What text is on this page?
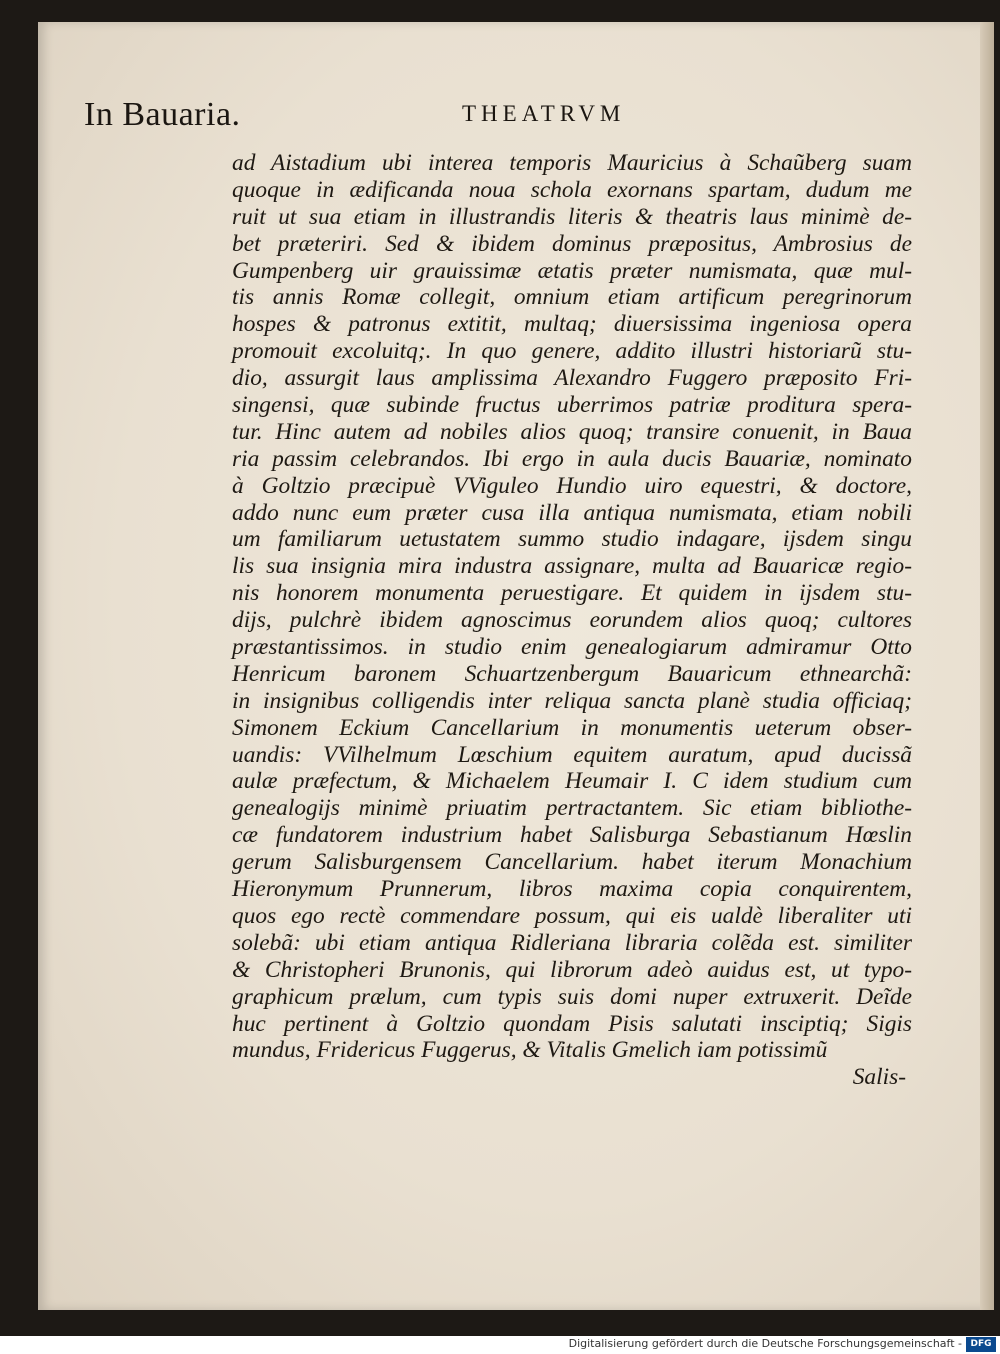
In Bauaria.	THEATRVM
ad Aistadium ubi interea temporis Mauricius à Schaũberg suam
quoque in ædificanda noua schola exornans spartam, dudum me
ruit ut sua etiam in illustrandis literis & theatris laus minimè de-
bet præteriri. Sed & ibidem dominus præpositus, Ambrosius de
Gumpenberg uir grauissimæ ætatis præter numismata, quæ mul-
tis annis Romæ collegit, omnium etiam artificum peregrinorum
hospes & patronus extitit, multaq; diuersissima ingeniosa opera
promouit excoluitq;. In quo genere, addito illustri historiarũ stu-
dio, assurgit laus amplissima Alexandro Fuggero præposito Fri-
singensi, quæ subinde fructus uberrimos patriæ proditura spera-
tur. Hinc autem ad nobiles alios quoq; transire conuenit, in Baua
ria passim celebrandos. Ibi ergo in aula ducis Bauariæ, nominato
à Goltzio præcipuè VViguleo Hundio uiro equestri, & doctore,
addo nunc eum præter cusa illa antiqua numismata, etiam nobili
um familiarum uetustatem summo studio indagare, ijsdem singu
lis sua insignia mira industra assignare, multa ad Bauaricæ regio-
nis honorem monumenta peruestigare. Et quidem in ijsdem stu-
dijs, pulchrè ibidem agnoscimus eorundem alios quoq; cultores
præstantissimos. in studio enim genealogiarum admiramur Otto
Henricum baronem Schuartzenbergum Bauaricum ethnearchã:
in insignibus colligendis inter reliqua sancta planè studia officiaq;
Simonem Eckium Cancellarium in monumentis ueterum obser-
uandis: VVilhelmum Lœschium equitem auratum, apud ducissã
aulæ præfectum, & Michaelem Heumair I. C idem studium cum
genealogijs minimè priuatim pertractantem. Sic etiam bibliothe-
cæ fundatorem industrium habet Salisburga Sebastianum Hœslin
gerum Salisburgensem Cancellarium. habet iterum Monachium
Hieronymum Prunnerum, libros maxima copia conquirentem,
quos ego rectè commendare possum, qui eis ualdè liberaliter uti
solebã: ubi etiam antiqua Ridleriana libraria colẽda est. similiter
& Christopheri Brunonis, qui librorum adeò auidus est, ut typo-
graphicum prælum, cum typis suis domi nuper extruxerit. Deĩde
huc pertinent à Goltzio quondam Pisis salutati insciptiq; Sigis
mundus, Fridericus Fuggerus, & Vitalis Gmelich iam potissimũ
Salis-
Digitalisierung gefördert durch die Deutsche Forschungsgemeinschaft - DFG
